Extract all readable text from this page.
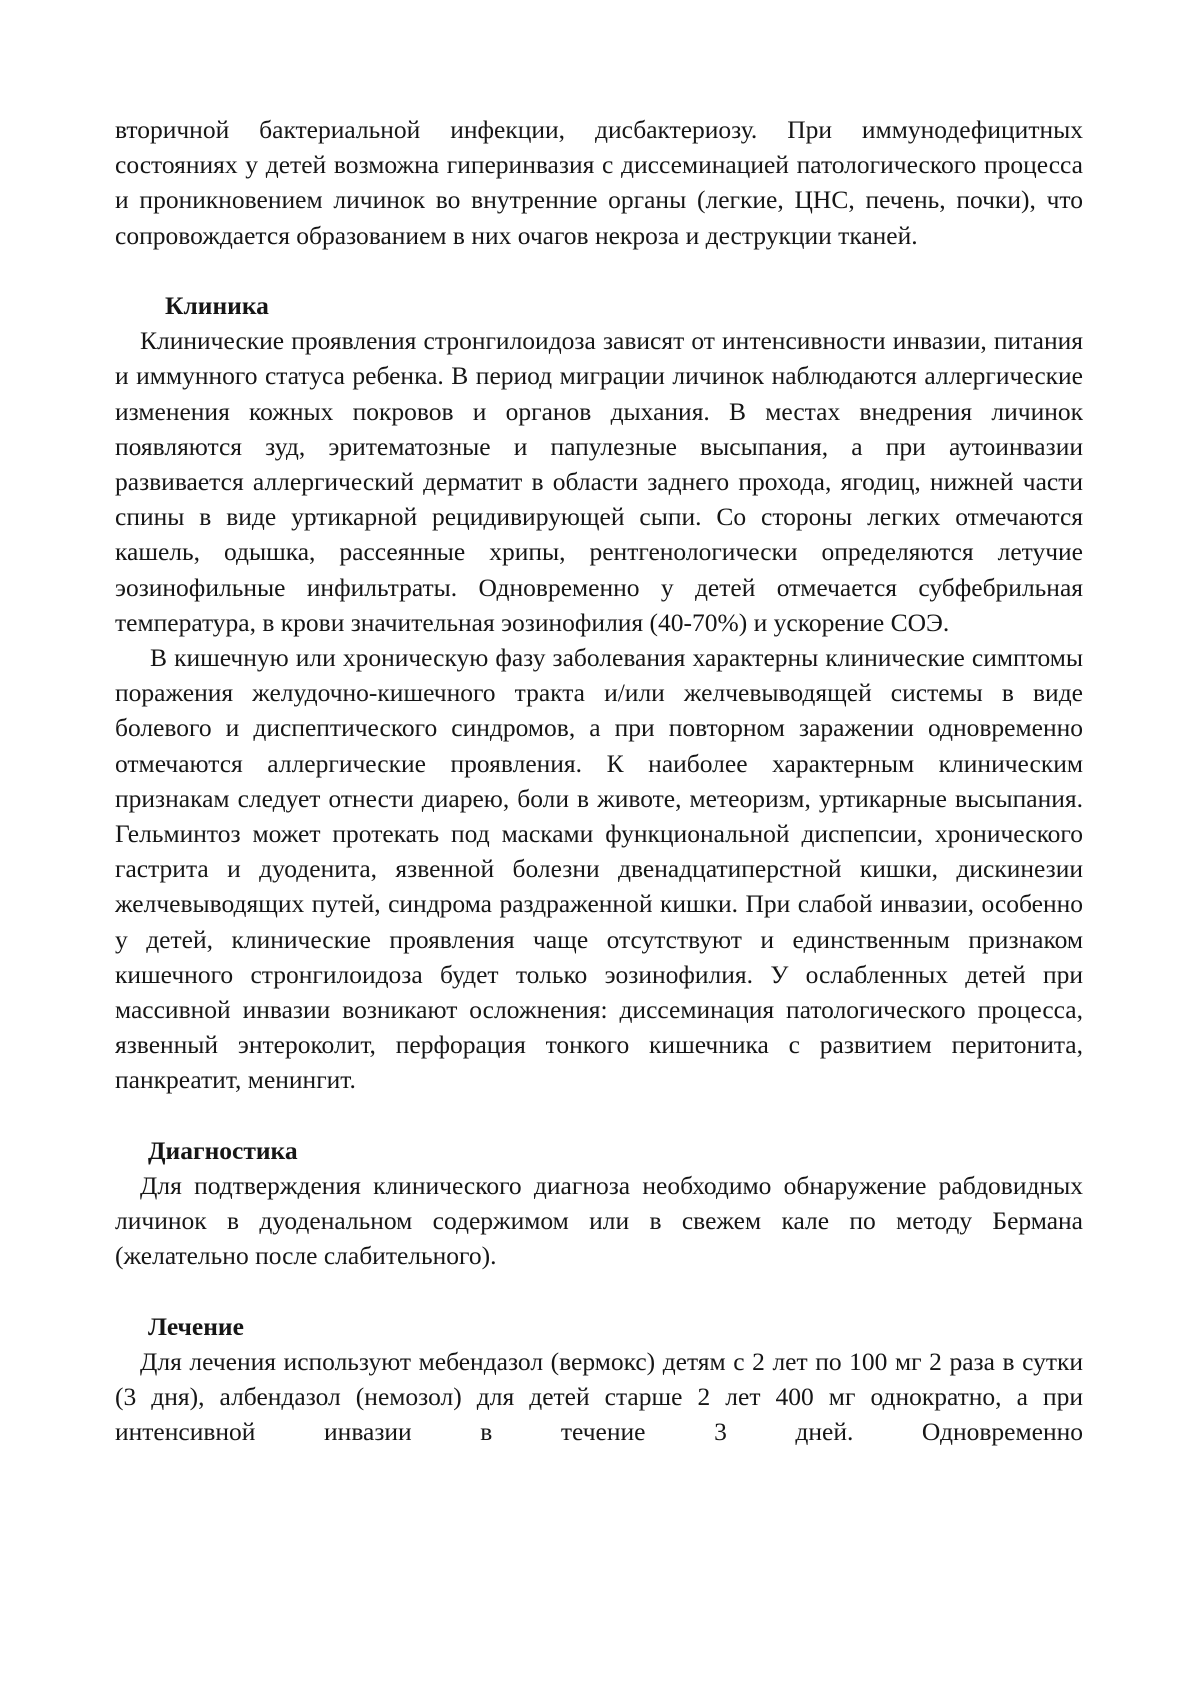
вторичной бактериальной инфекции, дисбактериозу. При иммунодефицитных состояниях у детей возможна гиперинвазия с диссеминацией патологического процесса и проникновением личинок во внутренние органы (легкие, ЦНС, печень, почки), что сопровождается образованием в них очагов некроза и деструкции тканей.

Клиника

Клинические проявления стронгилоидоза зависят от интенсивности инвазии, питания и иммунного статуса ребенка. В период миграции личинок наблюдаются аллергические изменения кожных покровов и органов дыхания. В местах внедрения личинок появляются зуд, эритематозные и папулезные высыпания, а при аутоинвазии развивается аллергический дерматит в области заднего прохода, ягодиц, нижней части спины в виде уртикарной рецидивирующей сыпи. Со стороны легких отмечаются кашель, одышка, рассеянные хрипы, рентгенологически определяются летучие эозинофильные инфильтраты. Одновременно у детей отмечается субфебрильная температура, в крови значительная эозинофилия (40-70%) и ускорение СОЭ.

В кишечную или хроническую фазу заболевания характерны клинические симптомы поражения желудочно-кишечного тракта и/или желчевыводящей системы в виде болевого и диспептического синдромов, а при повторном заражении одновременно отмечаются аллергические проявления. К наиболее характерным клиническим признакам следует отнести диарею, боли в животе, метеоризм, уртикарные высыпания. Гельминтоз может протекать под масками функциональной диспепсии, хронического гастрита и дуоденита, язвенной болезни двенадцатиперстной кишки, дискинезии желчевыводящих путей, синдрома раздраженной кишки. При слабой инвазии, особенно у детей, клинические проявления чаще отсутствуют и единственным признаком кишечного стронгилоидоза будет только эозинофилия. У ослабленных детей при массивной инвазии возникают осложнения: диссеминация патологического процесса, язвенный энтероколит, перфорация тонкого кишечника с развитием перитонита, панкреатит, менингит.

Диагностика

Для подтверждения клинического диагноза необходимо обнаружение рабдовидных личинок в дуоденальном содержимом или в свежем кале по методу Бермана (желательно после слабительного).

Лечение

Для лечения используют мебендазол (вермокс) детям с 2 лет по 100 мг 2 раза в сутки (3 дня), албендазол (немозол) для детей старше 2 лет 400 мг однократно, а при интенсивной инвазии в течение 3 дней. Одновременно
